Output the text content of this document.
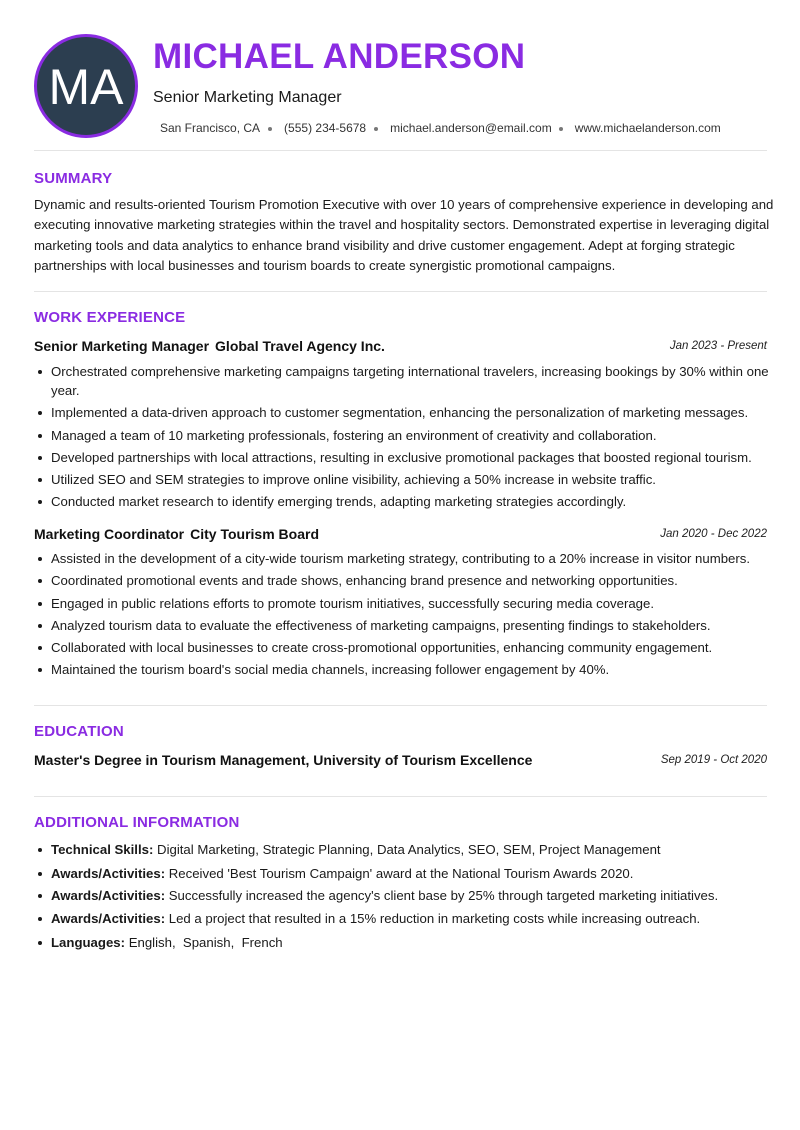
MA
MICHAEL ANDERSON
Senior Marketing Manager
San Francisco, CA (555) 234-5678 michael.anderson@email.com www.michaelanderson.com
SUMMARY

Dynamic and results-oriented Tourism Promotion Executive with over 10 years of comprehensive experience in developing and executing innovative marketing strategies within the travel and hospitality sectors. Demonstrated expertise in leveraging digital marketing tools and data analytics to enhance brand visibility and drive customer engagement. Adept at forging strategic partnerships with local businesses and tourism boards to create synergistic promotional campaigns.

WORK EXPERIENCE
Senior Marketing Manager Global Travel Agency Inc.	Jan 2023 - Present
Orchestrated comprehensive marketing campaigns targeting international travelers, increasing bookings by 30% within one year.
Implemented a data-driven approach to customer segmentation, enhancing the personalization of marketing messages.
Managed a team of 10 marketing professionals, fostering an environment of creativity and collaboration.
Developed partnerships with local attractions, resulting in exclusive promotional packages that boosted regional tourism.
Utilized SEO and SEM strategies to improve online visibility, achieving a 50% increase in website traffic.
Conducted market research to identify emerging trends, adapting marketing strategies accordingly.
Marketing Coordinator City Tourism Board	Jan 2020 - Dec 2022
Assisted in the development of a city-wide tourism marketing strategy, contributing to a 20% increase in visitor numbers.
Coordinated promotional events and trade shows, enhancing brand presence and networking opportunities.
Engaged in public relations efforts to promote tourism initiatives, successfully securing media coverage.
Analyzed tourism data to evaluate the effectiveness of marketing campaigns, presenting findings to stakeholders.
Collaborated with local businesses to create cross-promotional opportunities, enhancing community engagement.
Maintained the tourism board's social media channels, increasing follower engagement by 40%.
EDUCATION
Master's Degree in Tourism Management, University of Tourism Excellence	Sep 2019 - Oct 2020
ADDITIONAL INFORMATION
Technical Skills: Digital Marketing, Strategic Planning, Data Analytics, SEO, SEM, Project Management
Awards/Activities: Received 'Best Tourism Campaign' award at the National Tourism Awards 2020.
Awards/Activities: Successfully increased the agency's client base by 25% through targeted marketing initiatives.
Awards/Activities: Led a project that resulted in a 15% reduction in marketing costs while increasing outreach.
Languages: English,  Spanish,  French
